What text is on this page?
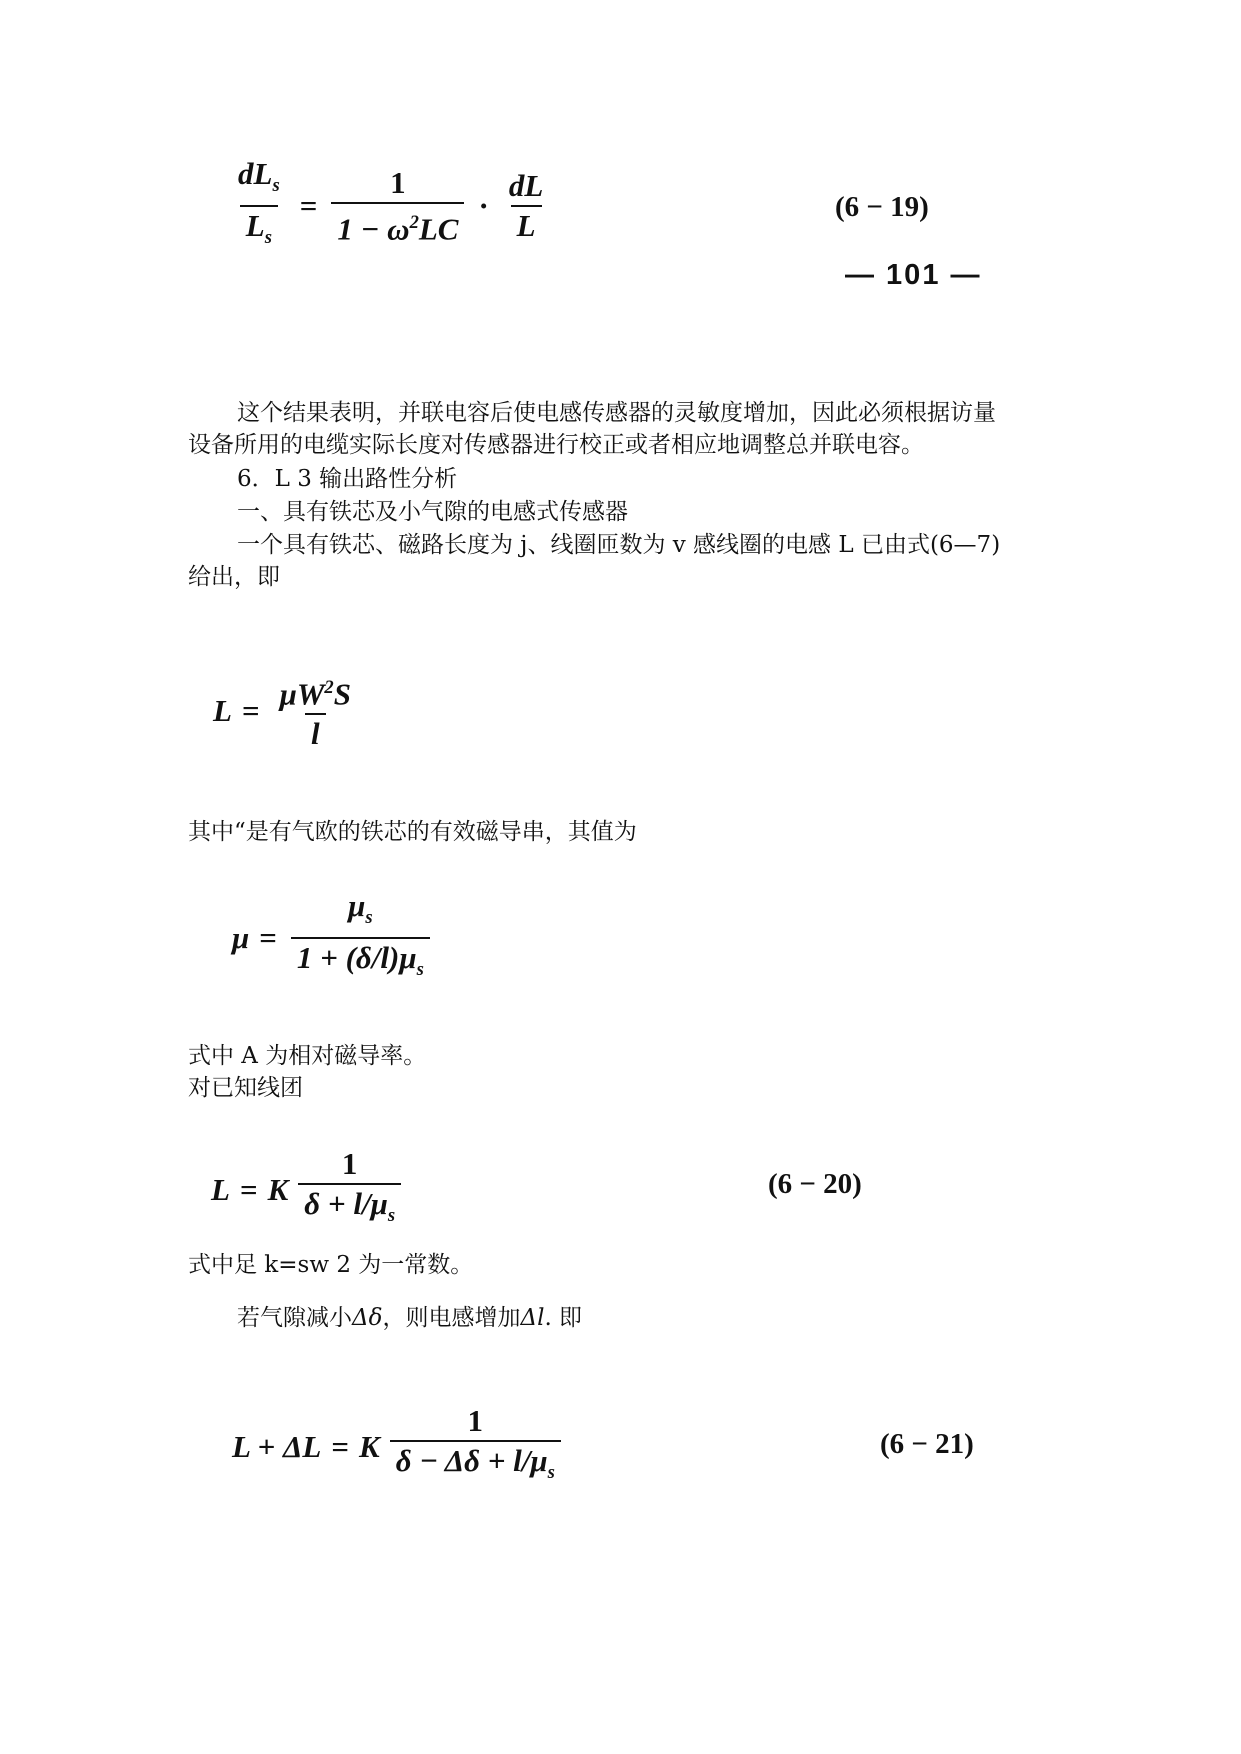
$\frac{dL_s}{L_s} = \frac{1}{1 - \omega^2LC} \cdot \frac{dL}{L}$	(6 − 19)
— 101 —
这个结果表明，并联电容后使电感传感器的灵敏度增加，因此必须根据访量
设备所用的电缆实际长度对传感器进行校正或者相应地调整总并联电容。
6．L 3 输出路性分析
一、具有铁芯及小气隙的电感式传感器
一个具有铁芯、磁路长度为 j、线圈匝数为 v 感线圈的电感 L 已由式(6—7)
给出，即
$L = \frac{\mu W^2S}{l}$
其中“是有气欧的铁芯的有效磁导串，其值为
$\mu = \frac{\mu_s}{1 + (\delta/l)\mu_s}$
式中 A 为相对磁导率。
对已知线团
L = K $\frac{1}{\delta + l/\mu_s}$	(6 − 20)
式中足 k=sw 2 为一常数。
若气隙减小Δδ，则电感增加Δl. 即
L + ΔL = K $\frac{1}{\delta - \Delta\delta + l/\mu_s}$	(6 − 21)
